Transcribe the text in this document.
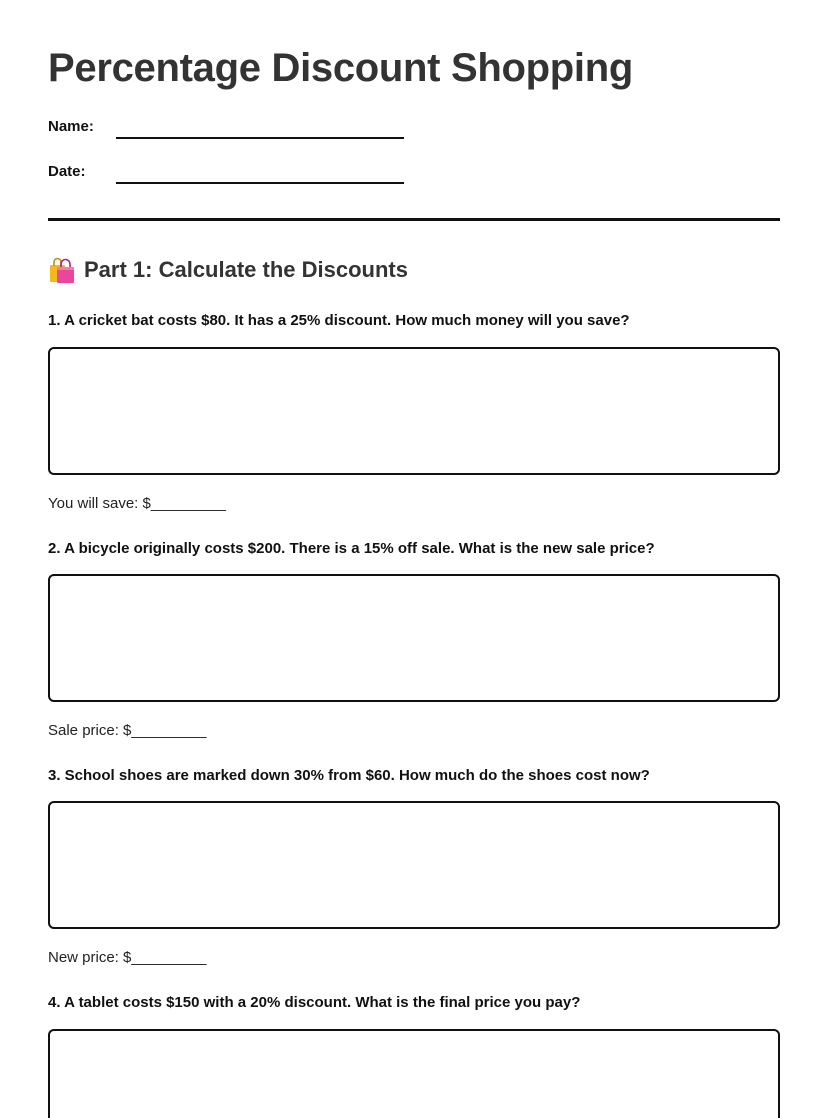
Percentage Discount Shopping
Name:
Date:
Part 1: Calculate the Discounts
1. A cricket bat costs $80. It has a 25% discount. How much money will you save?
You will save: $_________
2. A bicycle originally costs $200. There is a 15% off sale. What is the new sale price?
Sale price: $_________
3. School shoes are marked down 30% from $60. How much do the shoes cost now?
New price: $_________
4. A tablet costs $150 with a 20% discount. What is the final price you pay?
